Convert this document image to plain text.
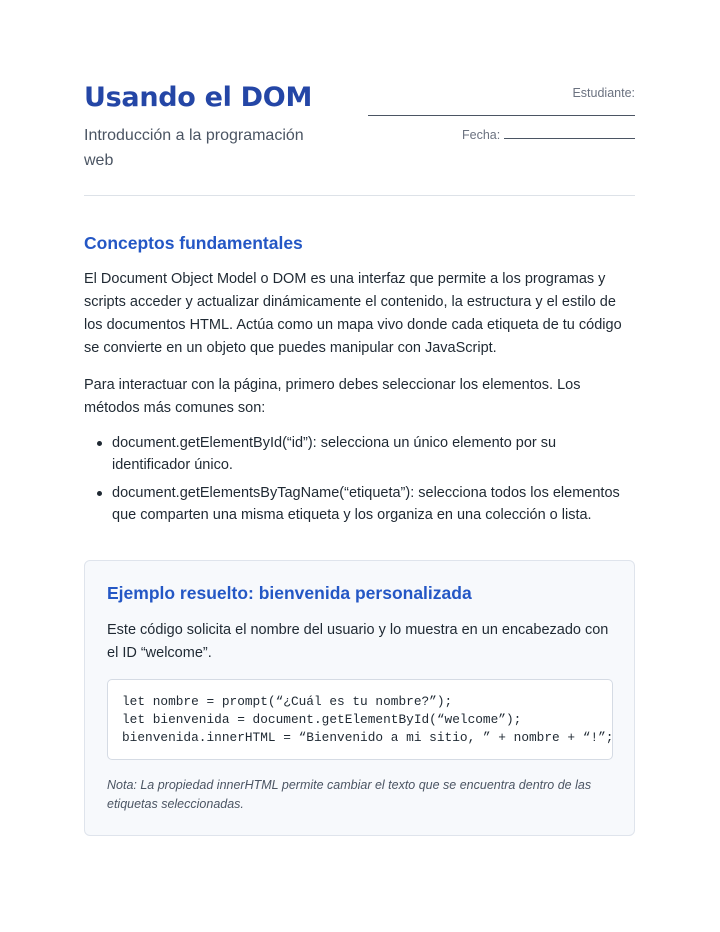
Usando el DOM
Introducción a la programación web
Estudiante:
Fecha:
Conceptos fundamentales

El Document Object Model o DOM es una interfaz que permite a los programas y scripts acceder y actualizar dinámicamente el contenido, la estructura y el estilo de los documentos HTML. Actúa como un mapa vivo donde cada etiqueta de tu código se convierte en un objeto que puedes manipular con JavaScript.

Para interactuar con la página, primero debes seleccionar los elementos. Los métodos más comunes son:

document.getElementById(“id”): selecciona un único elemento por su identificador único.
document.getElementsByTagName(“etiqueta”): selecciona todos los elementos que comparten una misma etiqueta y los organiza en una colección o lista.
Ejemplo resuelto: bienvenida personalizada

Este código solicita el nombre del usuario y lo muestra en un encabezado con el ID “welcome”.

let nombre = prompt(“¿Cuál es tu nombre?”);
let bienvenida = document.getElementById(“welcome”);
bienvenida.innerHTML = “Bienvenido a mi sitio, ” + nombre + “!”;

Nota: La propiedad innerHTML permite cambiar el texto que se encuentra dentro de las etiquetas seleccionadas.
